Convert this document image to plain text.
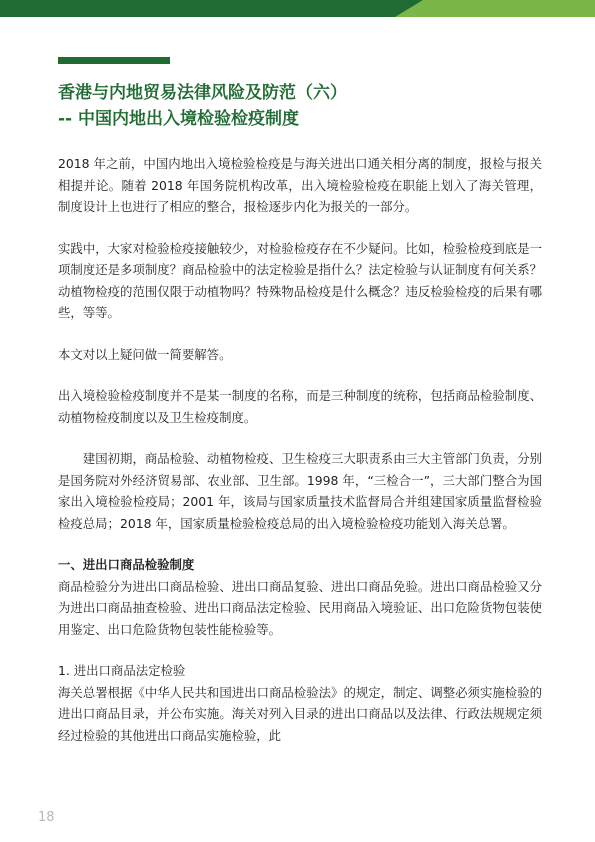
香港与内地贸易法律风险及防范（六）
-- 中国内地出入境检验检疫制度

2018 年之前，中国内地出入境检验检疫是与海关进出口通关相分离的制度，报检与报关相提并论。随着 2018 年国务院机构改革，出入境检验检疫在职能上划入了海关管理，制度设计上也进行了相应的整合，报检逐步内化为报关的一部分。

实践中，大家对检验检疫接触较少，对检验检疫存在不少疑问。比如，检验检疫到底是一项制度还是多项制度？商品检验中的法定检验是指什么？法定检验与认证制度有何关系？动植物检疫的范围仅限于动植物吗？特殊物品检疫是什么概念？违反检验检疫的后果有哪些，等等。

本文对以上疑问做一简要解答。

出入境检验检疫制度并不是某一制度的名称，而是三种制度的统称，包括商品检验制度、动植物检疫制度以及卫生检疫制度。

建国初期，商品检验、动植物检疫、卫生检疫三大职责系由三大主管部门负责，分别是国务院对外经济贸易部、农业部、卫生部。1998 年，“三检合一”，三大部门整合为国家出入境检验检疫局；2001 年，该局与国家质量技术监督局合并组建国家质量监督检验检疫总局；2018 年，国家质量检验检疫总局的出入境检验检疫功能划入海关总署。

一、进出口商品检验制度

商品检验分为进出口商品检验、进出口商品复验、进出口商品免验。进出口商品检验又分为进出口商品抽查检验、进出口商品法定检验、民用商品入境验证、出口危险货物包装使用鉴定、出口危险货物包装性能检验等。

1. 进出口商品法定检验

海关总署根据《中华人民共和国进出口商品检验法》的规定，制定、调整必须实施检验的进出口商品目录，并公布实施。海关对列入目录的进出口商品以及法律、行政法规规定须经过检验的其他进出口商品实施检验，此

18
